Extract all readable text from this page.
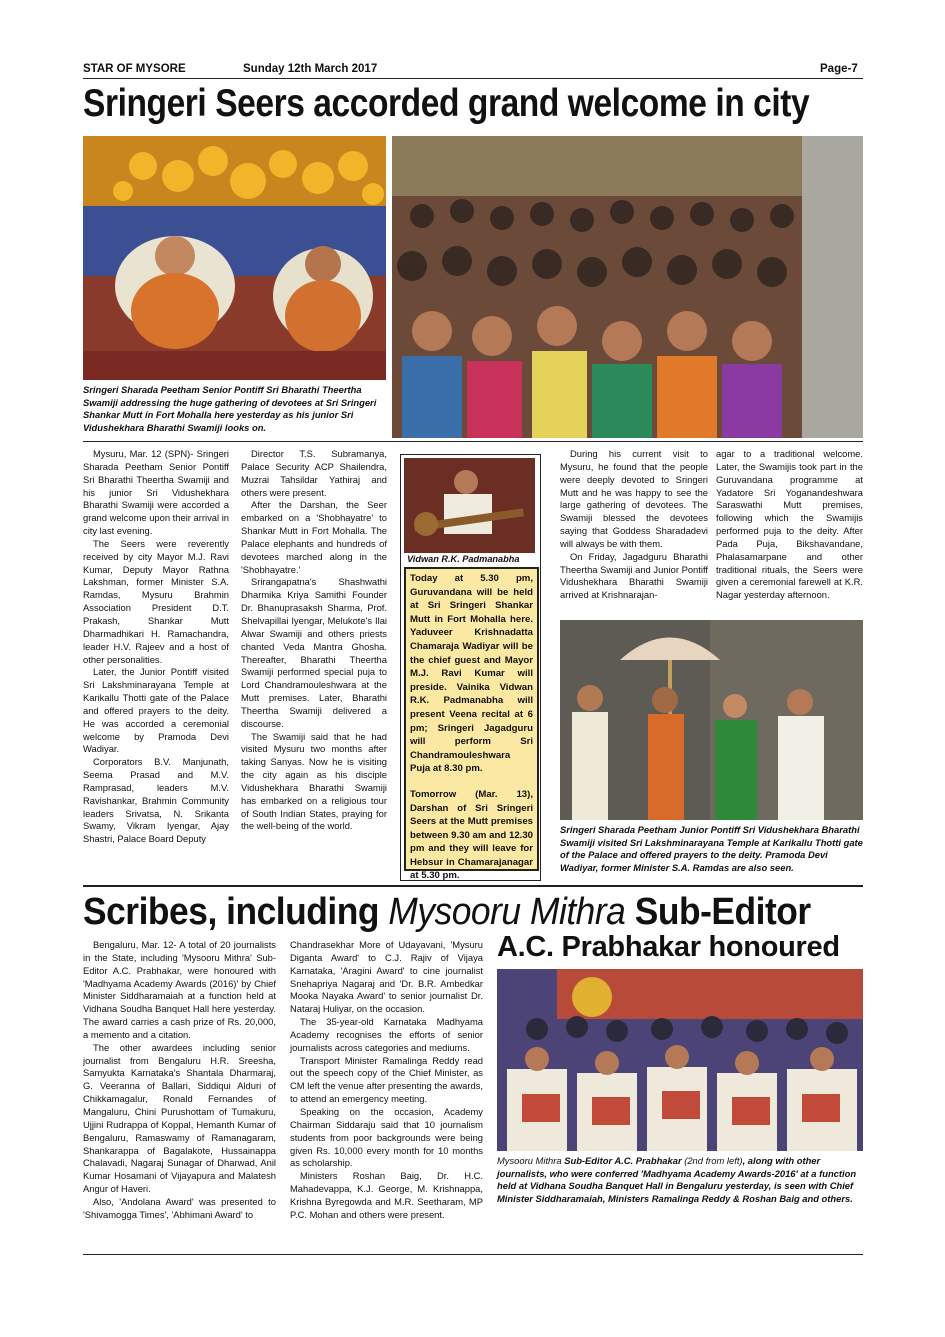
STAR OF MYSORE	Sunday 12th March 2017	Page-7
Sringeri Seers accorded grand welcome in city
Sringeri Sharada Peetham Senior Pontiff Sri Bharathi Theertha Swamiji addressing the huge gathering of devotees at Sri Sringeri Shankar Mutt in Fort Mohalla here yesterday as his junior Sri Vidushekhara Bharathi Swamiji looks on.

Mysuru, Mar. 12 (SPN)- Sringeri Sharada Peetham Senior Pontiff Sri Bharathi Theertha Swamiji and his junior Sri Vidushekhara Bharathi Swamiji were accorded a grand welcome upon their arrival in city last evening.

The Seers were reverently received by city Mayor M.J. Ravi Kumar, Deputy Mayor Rathna Lakshman, former Minister S.A. Ramdas, Mysuru Brahmin Association President D.T. Prakash, Shankar Mutt Dharmadhikari H. Ramachandra, leader H.V. Rajeev and a host of other personalities.

Later, the Junior Pontiff visited Sri Lakshminarayana Temple at Karikallu Thotti gate of the Palace and offered prayers to the deity. He was accorded a ceremonial welcome by Pramoda Devi Wadiyar.

Corporators B.V. Manjunath, Seema Prasad and M.V. Ramprasad, leaders M.V. Ravishankar, Brahmin Community leaders Srivatsa, N. Srikanta Swamy, Vikram Iyengar, Ajay Shastri, Palace Board Deputy

Director T.S. Subramanya, Palace Security ACP Shailendra, Muzrai Tahsildar Yathiraj and others were present.

After the Darshan, the Seer embarked on a 'Shobhayatre' to Shankar Mutt in Fort Mohalla. The Palace elephants and hundreds of devotees marched along in the 'Shobhayatre.'

Srirangapatna's Shashwathi Dharmika Kriya Samithi Founder Dr. Bhanuprasaksh Sharma, Prof. Shelvapillai Iyengar, Melukote's Ilai Alwar Swamiji and others priests chanted Veda Mantra Ghosha. Thereafter, Bharathi Theertha Swamiji performed special puja to Lord Chandramouleshwara at the Mutt premises. Later, Bharathi Theertha Swamiji delivered a discourse.

The Swamiji said that he had visited Mysuru two months after taking Sanyas. Now he is visiting the city again as his disciple Vidushekhara Bharathi Swamiji has embarked on a religious tour of South Indian States, praying for the well-being of the world.

Vidwan R.K. Padmanabha

Today at 5.30 pm, Guruvandana will be held at Sri Sringeri Shankar Mutt in Fort Mohalla here. Yaduveer Krishnadatta Chamaraja Wadiyar will be the chief guest and Mayor M.J. Ravi Kumar will preside. Vainika Vidwan R.K. Padmanabha will present Veena recital at 6 pm; Sringeri Jagadguru will perform Sri Chandramouleshwara Puja at 8.30 pm.

Tomorrow (Mar. 13), Darshan of Sri Sringeri Seers at the Mutt premises between 9.30 am and 12.30 pm and they will leave for Hebsur in Chamarajanagar at 5.30 pm.

During his current visit to Mysuru, he found that the people were deeply devoted to Sringeri Mutt and he was happy to see the large gathering of devotees. The Swamiji blessed the devotees saying that Goddess Sharadadevi will always be with them.

On Friday, Jagadguru Bharathi Theertha Swamiji and Junior Pontiff Vidushekhara Bharathi Swamiji arrived at Krishnarajan-

agar to a traditional welcome. Later, the Swamijis took part in the Guruvandana programme at Yadatore Sri Yoganandeshwara Saraswathi Mutt premises, following which the Swamijis performed puja to the deity. After Pada Puja, Bikshavandane, Phalasamarpane and other traditional rituals, the Seers were given a ceremonial farewell at K.R. Nagar yesterday afternoon.

Sringeri Sharada Peetham Junior Pontiff Sri Vidushekhara Bharathi Swamiji visited Sri Lakshminarayana Temple at Karikallu Thotti gate of the Palace and offered prayers to the deity. Pramoda Devi Wadiyar, former Minister S.A. Ramdas are also seen.
Scribes, including Mysooru Mithra Sub-Editor
A.C. Prabhakar honoured

Bengaluru, Mar. 12- A total of 20 journalists in the State, including 'Mysooru Mithra' Sub-Editor A.C. Prabhakar, were honoured with 'Madhyama Academy Awards (2016)' by Chief Minister Siddharamaiah at a function held at Vidhana Soudha Banquet Hall here yesterday. The award carries a cash prize of Rs. 20,000, a memento and a citation.

The other awardees including senior journalist from Bengaluru H.R. Sreesha, Samyukta Karnataka's Shantala Dharmaraj, G. Veeranna of Ballari, Siddiqui Alduri of Chikkamagalur, Ronald Fernandes of Mangaluru, Chini Purushottam of Tumakuru, Ujjini Rudrappa of Koppal, Hemanth Kumar of Bengaluru, Ramaswamy of Ramanagaram, Shankarappa of Bagalakote, Hussainappa Chalavadi, Nagaraj Sunagar of Dharwad, Anil Kumar Hosamani of Vijayapura and Malatesh Angur of Haveri.

Also, 'Andolana Award' was presented to 'Shivamogga Times', 'Abhimani Award' to

Chandrasekhar More of Udayavani, 'Mysuru Diganta Award' to C.J. Rajiv of Vijaya Karnataka, 'Aragini Award' to cine journalist Snehapriya Nagaraj and 'Dr. B.R. Ambedkar Mooka Nayaka Award' to senior journalist Dr. Nataraj Huliyar, on the occasion.

The 35-year-old Karnataka Madhyama Academy recognises the efforts of senior journalists across categories and mediums.

Transport Minister Ramalinga Reddy read out the speech copy of the Chief Minister, as CM left the venue after presenting the awards, to attend an emergency meeting.

Speaking on the occasion, Academy Chairman Siddaraju said that 10 journalism students from poor backgrounds were being given Rs. 10,000 every month for 10 months as scholarship.

Ministers Roshan Baig, Dr. H.C. Mahadevappa, K.J. George, M. Krishnappa, Krishna Byregowda and M.R. Seetharam, MP P.C. Mohan and others were present.

Mysooru Mithra Sub-Editor A.C. Prabhakar (2nd from left), along with other journalists, who were conferred 'Madhyama Academy Awards-2016' at a function held at Vidhana Soudha Banquet Hall in Bengaluru yesterday, is seen with Chief Minister Siddharamaiah, Ministers Ramalinga Reddy & Roshan Baig and others.
